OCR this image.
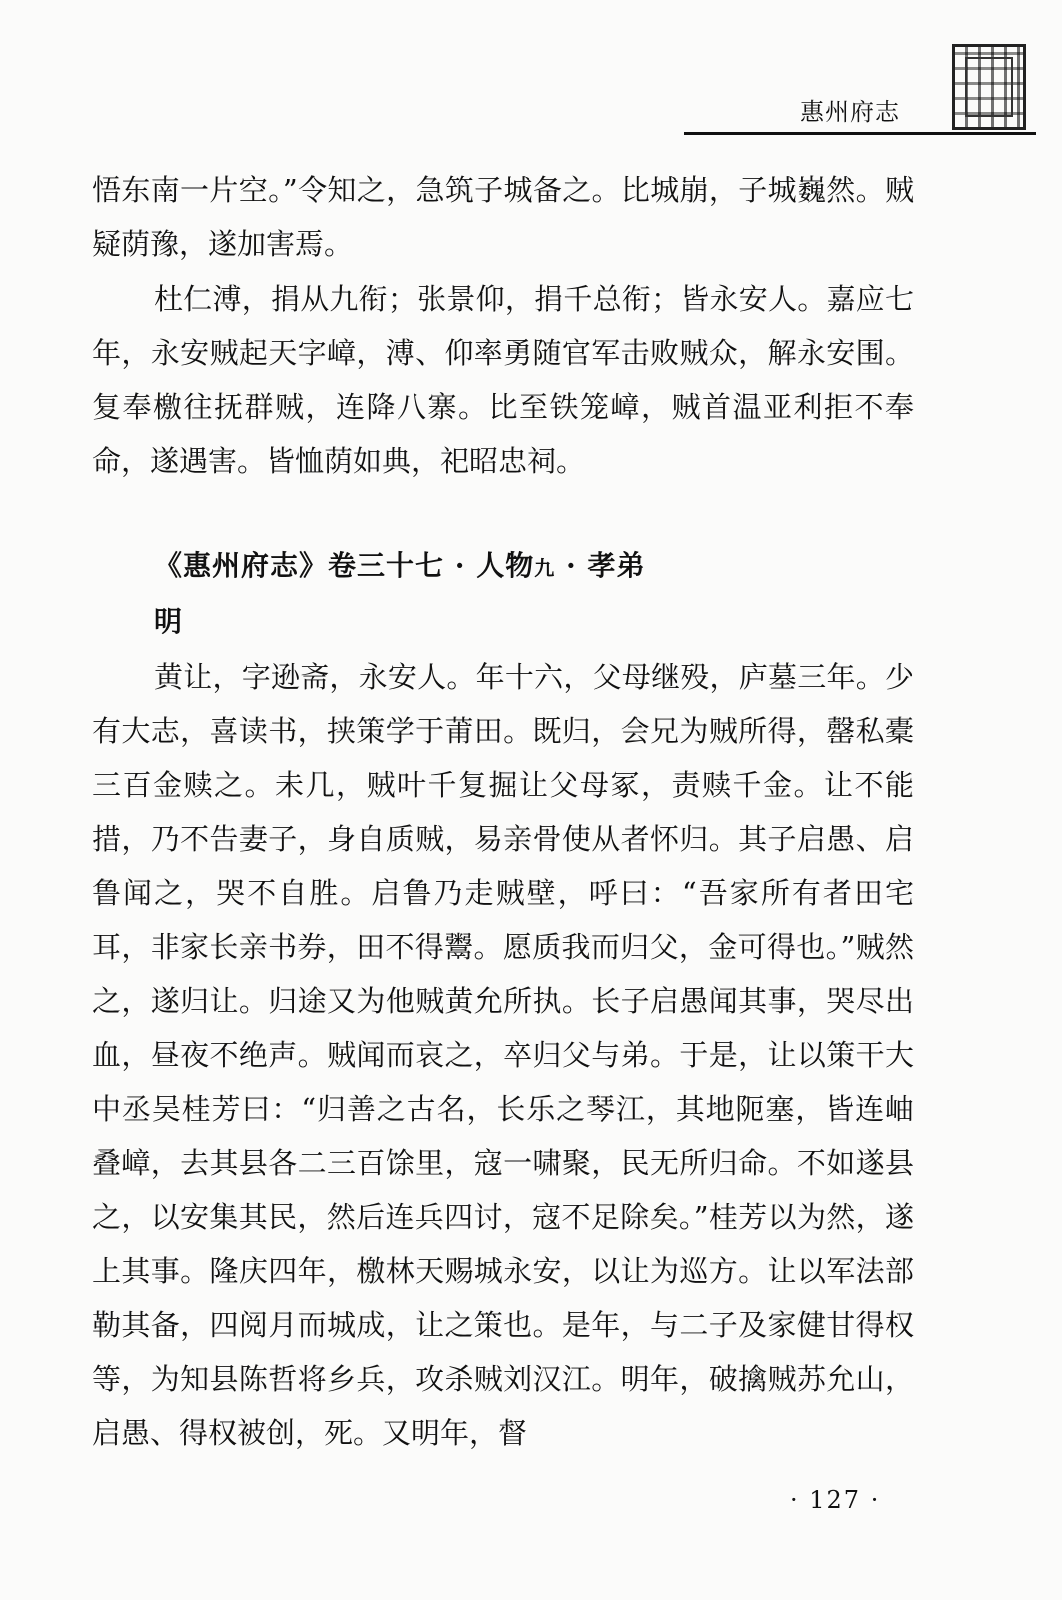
惠州府志

悟东南一片空。”令知之，急筑子城备之。比城崩，子城巍然。贼疑荫豫，遂加害焉。

杜仁溥，捐从九衔；张景仰，捐千总衔；皆永安人。嘉应七年，永安贼起天字嶂，溥、仰率勇随官军击败贼众，解永安围。复奉檄往抚群贼，连降八寨。比至铁笼嶂，贼首温亚利拒不奉命，遂遇害。皆恤荫如典，祀昭忠祠。

《惠州府志》卷三十七 · 人物九 · 孝弟
明

黄让，字逊斋，永安人。年十六，父母继殁，庐墓三年。少有大志，喜读书，挟策学于莆田。既归，会兄为贼所得，罄私橐三百金赎之。未几，贼叶千复掘让父母冢，责赎千金。让不能措，乃不告妻子，身自质贼，易亲骨使从者怀归。其子启愚、启鲁闻之，哭不自胜。启鲁乃走贼壁，呼曰：“吾家所有者田宅耳，非家长亲书券，田不得鬻。愿质我而归父，金可得也。”贼然之，遂归让。归途又为他贼黄允所执。长子启愚闻其事，哭尽出血，昼夜不绝声。贼闻而哀之，卒归父与弟。于是，让以策干大中丞吴桂芳曰：“归善之古名，长乐之琴江，其地阨塞，皆连岫叠嶂，去其县各二三百馀里，寇一啸聚，民无所归命。不如遂县之，以安集其民，然后连兵四讨，寇不足除矣。”桂芳以为然，遂上其事。隆庆四年，檄林天赐城永安，以让为巡方。让以军法部勒其备，四阅月而城成，让之策也。是年，与二子及家健甘得权等，为知县陈哲将乡兵，攻杀贼刘汉江。明年，破擒贼苏允山，启愚、得权被创，死。又明年，督

· 127 ·
